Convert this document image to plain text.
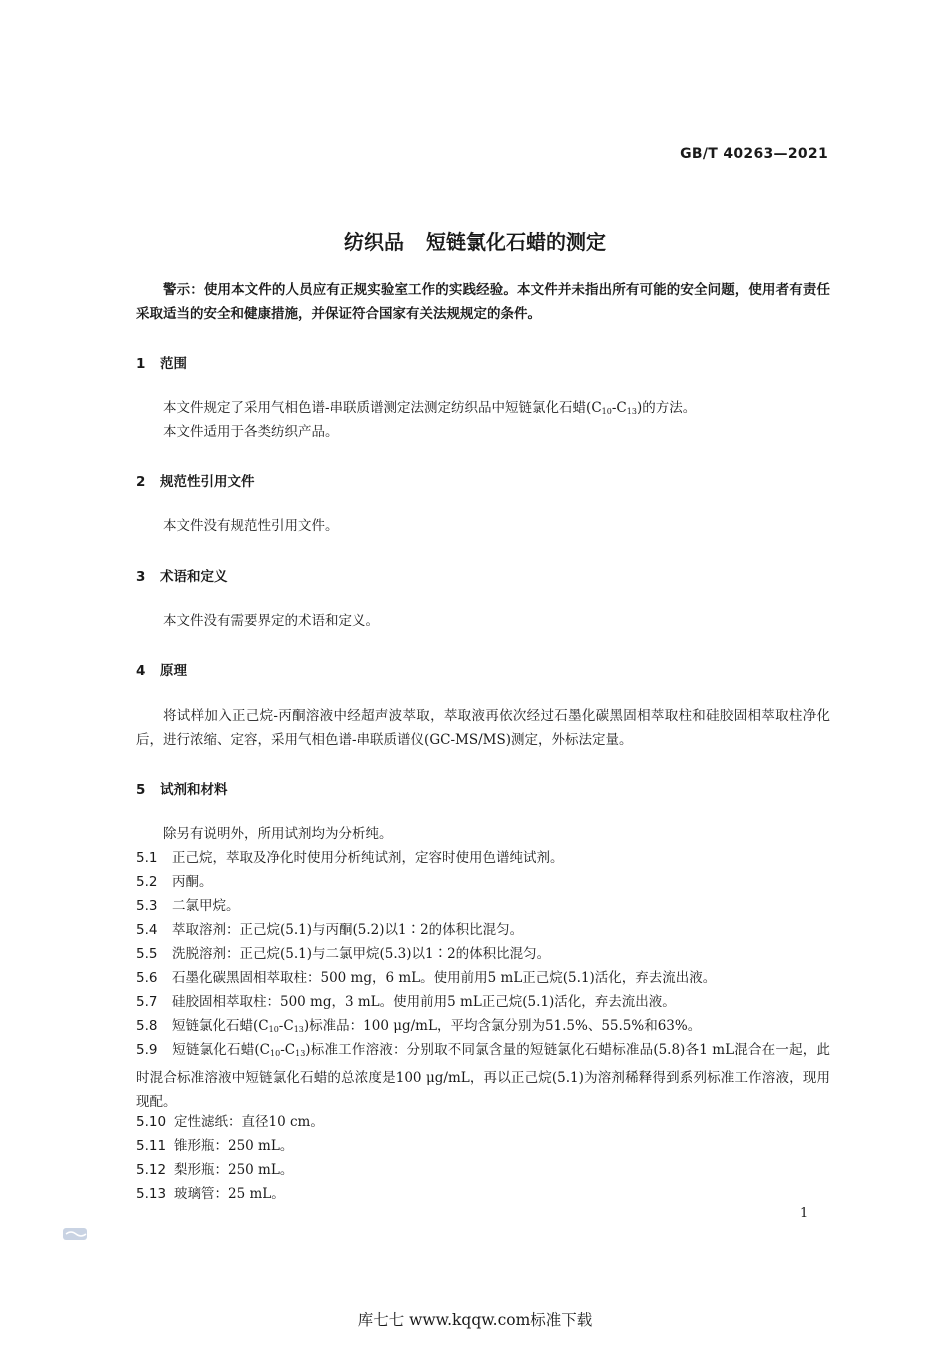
GB/T 40263—2021
纺织品 短链氯化石蜡的测定
警示：使用本文件的人员应有正规实验室工作的实践经验。本文件并未指出所有可能的安全问题，使用者有责任采取适当的安全和健康措施，并保证符合国家有关法规规定的条件。
1 范围
本文件规定了采用气相色谱-串联质谱测定法测定纺织品中短链氯化石蜡$(C_{10}-C_{13})$的方法。
本文件适用于各类纺织产品。
2 规范性引用文件
本文件没有规范性引用文件。
3 术语和定义
本文件没有需要界定的术语和定义。
4 原理
将试样加入正己烷-丙酮溶液中经超声波萃取，萃取液再依次经过石墨化碳黑固相萃取柱和硅胶固相萃取柱净化后，进行浓缩、定容，采用气相色谱-串联质谱仪(GC-MS/MS)测定，外标法定量。
5 试剂和材料
除另有说明外，所用试剂均为分析纯。
5.1 正己烷，萃取及净化时使用分析纯试剂，定容时使用色谱纯试剂。
5.2 丙酮。
5.3 二氯甲烷。
5.4 萃取溶剂：正己烷(5.1)与丙酮(5.2)以1∶2的体积比混匀。
5.5 洗脱溶剂：正己烷(5.1)与二氯甲烷(5.3)以1∶2的体积比混匀。
5.6 石墨化碳黑固相萃取柱：500 mg，6 mL。使用前用5 mL正己烷(5.1)活化，弃去流出液。
5.7 硅胶固相萃取柱：500 mg，3 mL。使用前用5 mL正己烷(5.1)活化，弃去流出液。
5.8 短链氯化石蜡$(C_{10}-C_{13})$标准品：100 μg/mL，平均含氯分别为51.5%、55.5%和63%。
5.9 短链氯化石蜡$(C_{10}-C_{13})$标准工作溶液：分别取不同氯含量的短链氯化石蜡标准品(5.8)各1 mL混合在一起，此时混合标准溶液中短链氯化石蜡的总浓度是100 μg/mL，再以正己烷(5.1)为溶剂稀释得到系列标准工作溶液，现用现配。
5.10 定性滤纸：直径10 cm。
5.11 锥形瓶：250 mL。
5.12 梨形瓶：250 mL。
5.13 玻璃管：25 mL。
1
库七七 www.kqqw.com标准下载
